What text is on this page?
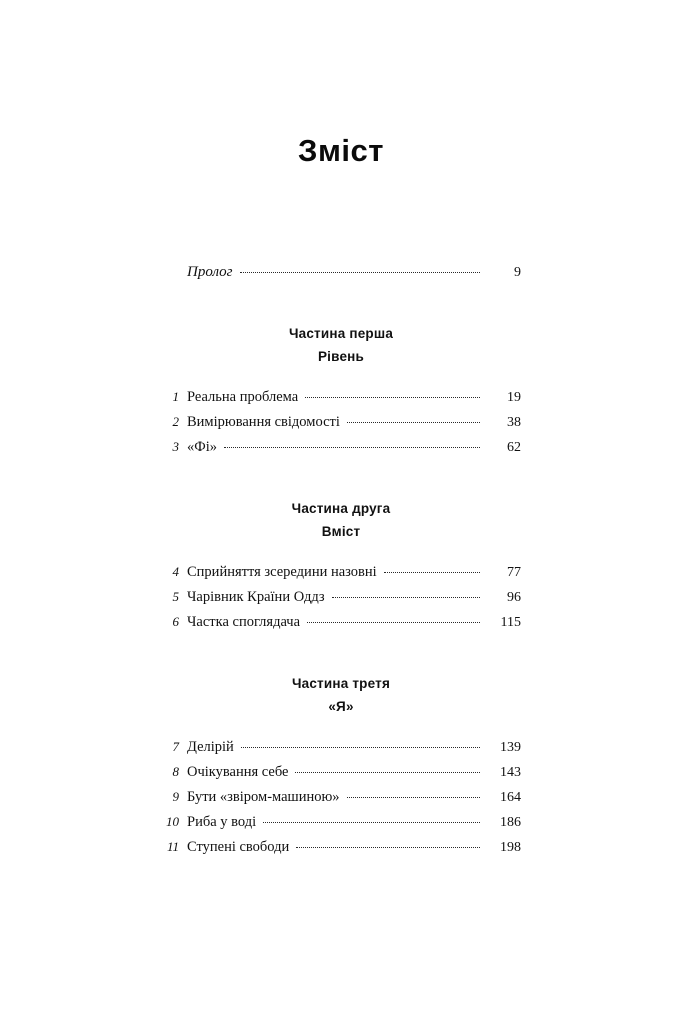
Зміст
Пролог	9
Частина перша
Рівень
1 Реальна проблема	19
2 Вимірювання свідомості	38
3 «Фі»	62
Частина друга
Вміст
4 Сприйняття зсередини назовні	77
5 Чарівник Країни Оддз	96
6 Частка споглядача	115
Частина третя
«Я»
7 Делірій	139
8 Очікування себе	143
9 Бути «звіром-машиною»	164
10 Риба у воді	186
11 Ступені свободи	198
